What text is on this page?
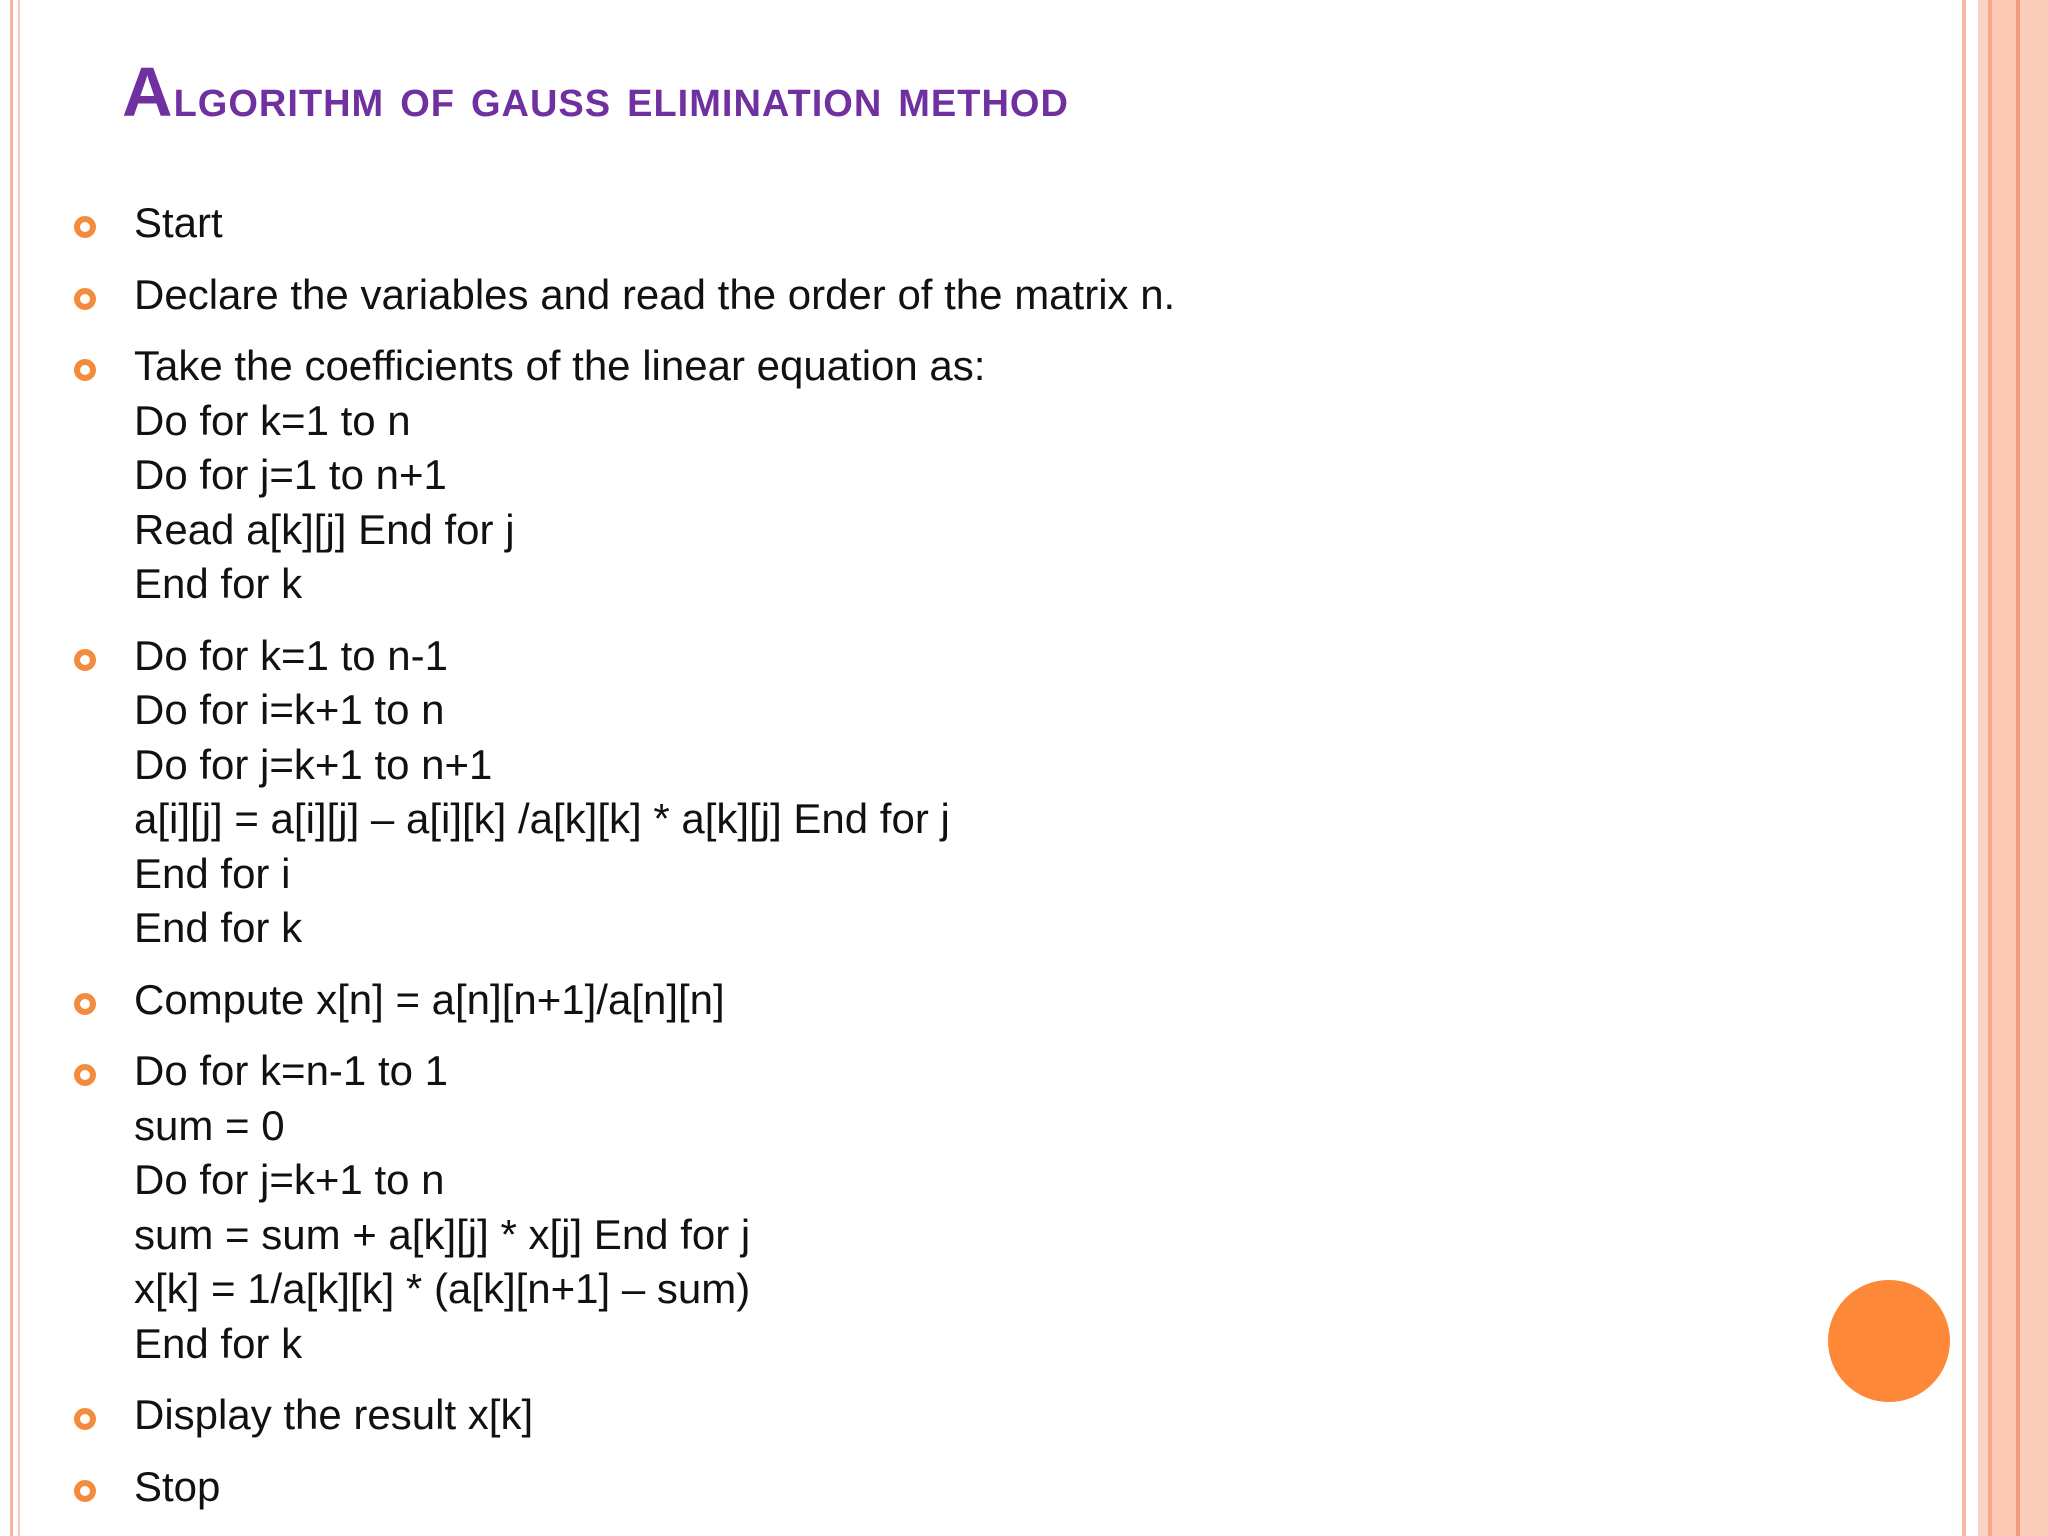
Algorithm of gauss elimination method
Start
Declare the variables and read the order of the matrix n.
Take the coefficients of the linear equation as:
Do for k=1 to n
Do for j=1 to n+1
Read a[k][j] End for j
End for k
Do for k=1 to n-1
Do for i=k+1 to n
Do for j=k+1 to n+1
a[i][j] = a[i][j] – a[i][k] /a[k][k] * a[k][j] End for j
End for i
End for k
Compute x[n] = a[n][n+1]/a[n][n]
Do for k=n-1 to 1
sum = 0
Do for j=k+1 to n
sum = sum + a[k][j] * x[j] End for j
x[k] = 1/a[k][k] * (a[k][n+1] – sum)
End for k
Display the result x[k]
Stop
